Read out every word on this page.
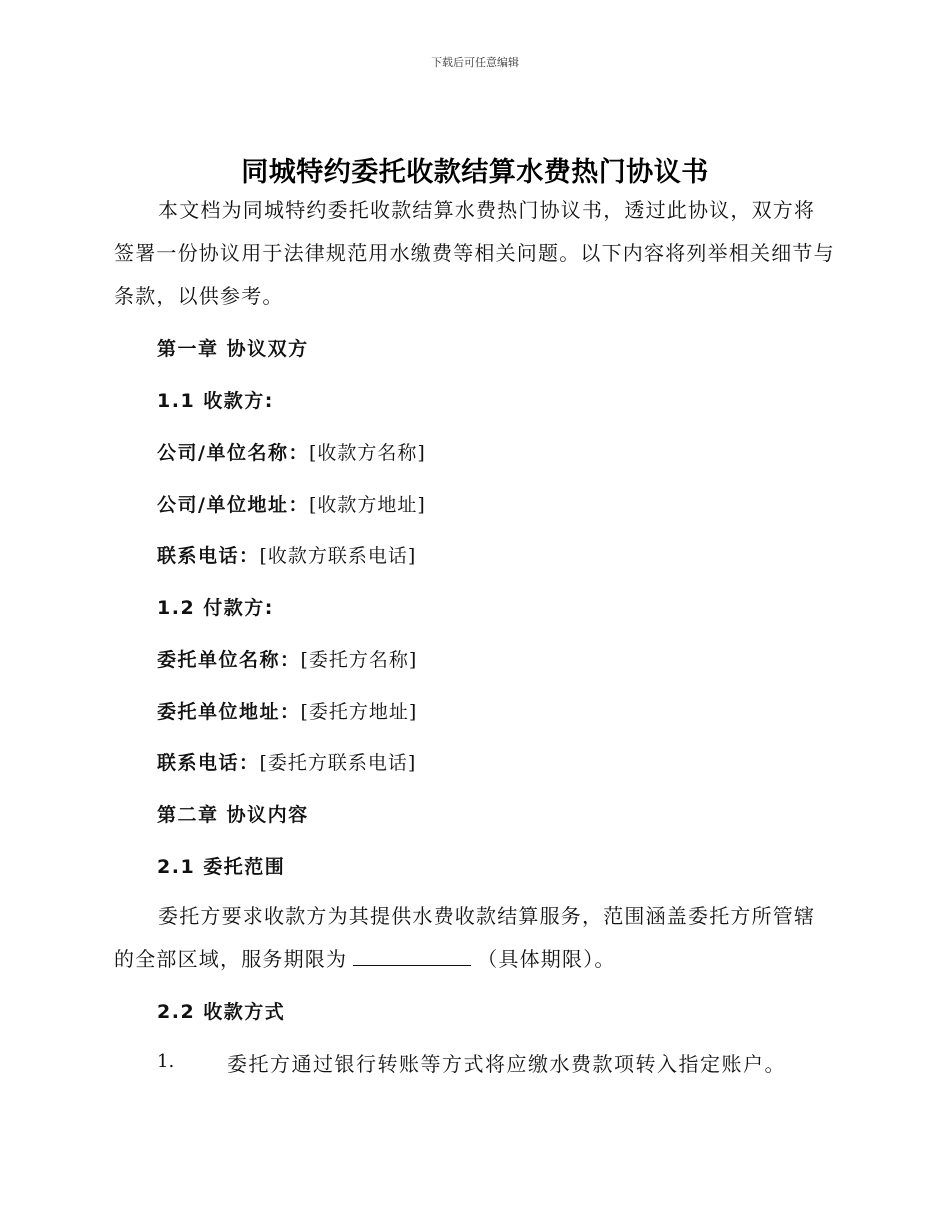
下载后可任意编辑
同城特约委托收款结算水费热门协议书
本文档为同城特约委托收款结算水费热门协议书，透过此协议，双方将签署一份协议用于法律规范用水缴费等相关问题。以下内容将列举相关细节与条款，以供参考。
第一章 协议双方
1.1 收款方:
公司/单位名称：[收款方名称]
公司/单位地址：[收款方地址]
联系电话：[收款方联系电话]
1.2 付款方:
委托单位名称：[委托方名称]
委托单位地址：[委托方地址]
联系电话：[委托方联系电话]
第二章 协议内容
2.1 委托范围
委托方要求收款方为其提供水费收款结算服务，范围涵盖委托方所管辖的全部区域，服务期限为	（具体期限）。
2.2 收款方式
1.	委托方通过银行转账等方式将应缴水费款项转入指定账户。
